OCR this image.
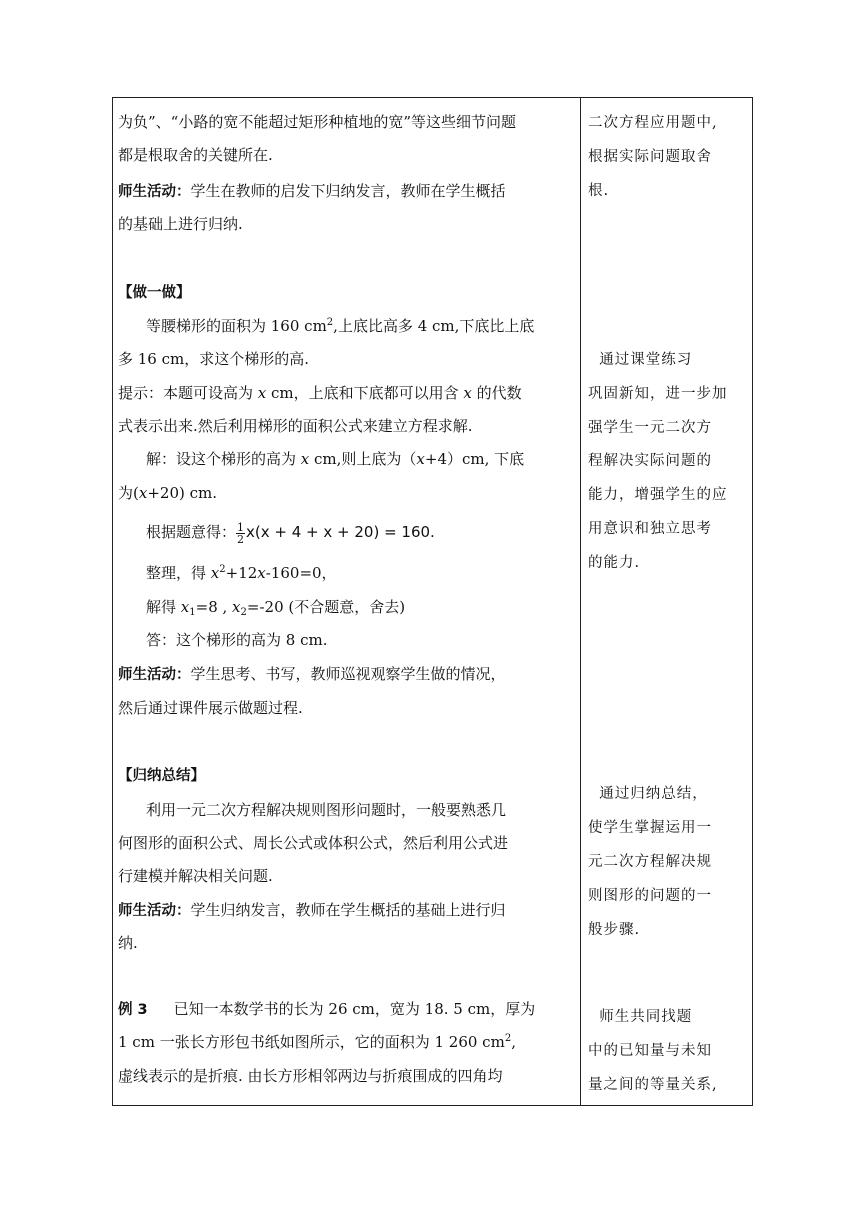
为负”、“小路的宽不能超过矩形种植地的宽”等这些细节问题
都是根取舍的关键所在.
师生活动：学生在教师的启发下归纳发言，教师在学生概括
的基础上进行归纳.
【做一做】
等腰梯形的面积为 160 $cm^2$,上底比高多 4 cm,下底比上底
多 16 cm，求这个梯形的高.
提示：本题可设高为 x cm，上底和下底都可以用含 x 的代数
式表示出来.然后利用梯形的面积公式来建立方程求解.
解：设这个梯形的高为 x cm,则上底为（x+4）cm, 下底
为(x+20) cm.
根据题意得： $\frac{1}{2} x(x + 4 + x + 20) = 160$.
整理，得 $x^2+12x-160=0$，
解得 $x_1=8$ , $x_2=-20$ (不合题意，舍去)
答：这个梯形的高为 8 cm.
师生活动：学生思考、书写，教师巡视观察学生做的情况，
然后通过课件展示做题过程.
【归纳总结】
利用一元二次方程解决规则图形问题时，一般要熟悉几
何图形的面积公式、周长公式或体积公式，然后利用公式进
行建模并解决相关问题.
师生活动：学生归纳发言，教师在学生概括的基础上进行归
纳.
例 3 已知一本数学书的长为 26 cm，宽为 18. 5 cm，厚为
1 cm 一张长方形包书纸如图所示，它的面积为 1 260 $cm^2$,
虚线表示的是折痕. 由长方形相邻两边与折痕围成的四角均
二次方程应用题中,
根据实际问题取舍
根.
通过课堂练习
巩固新知，进一步加
强学生一元二次方
程解决实际问题的
能力，增强学生的应
用意识和独立思考
的能力.
通过归纳总结，
使学生掌握运用一
元二次方程解决规
则图形的问题的一
般步骤.
师生共同找题
中的已知量与未知
量之间的等量关系,
